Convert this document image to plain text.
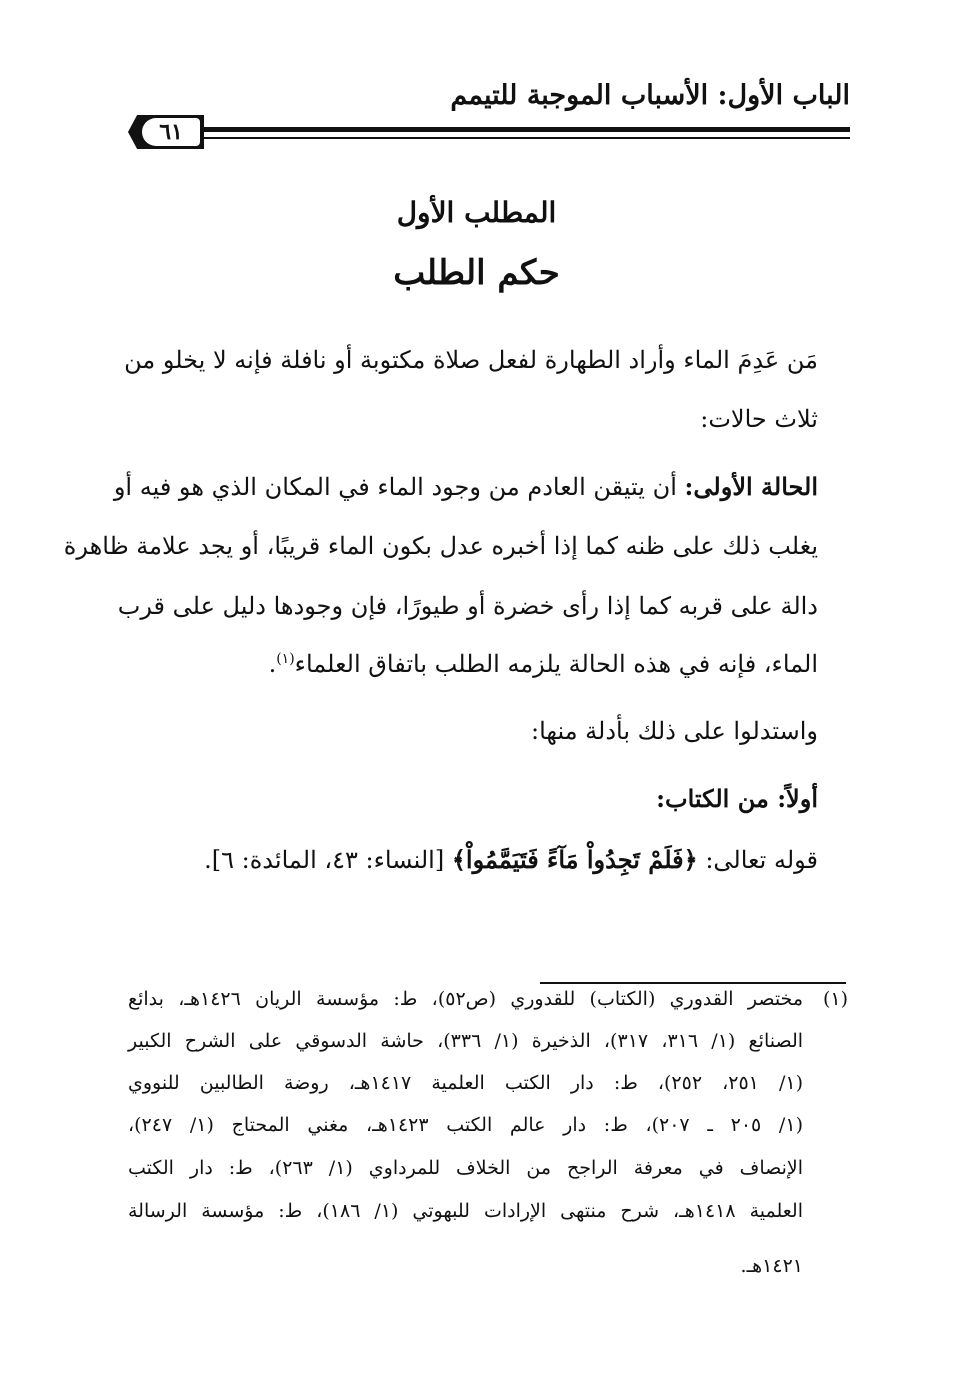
الباب الأول: الأسباب الموجبة للتيمم
٦١
المطلب الأول
حكم الطلب
مَن عَدِمَ الماء وأراد الطهارة لفعل صلاة مكتوبة أو نافلة فإنه لا يخلو من
ثلاث حالات:
الحالة الأولى: أن يتيقن العادم من وجود الماء في المكان الذي هو فيه أو
يغلب ذلك على ظنه كما إذا أخبره عدل بكون الماء قريبًا، أو يجد علامة ظاهرة
دالة على قربه كما إذا رأى خضرة أو طيورًا، فإن وجودها دليل على قرب
الماء، فإنه في هذه الحالة يلزمه الطلب باتفاق العلماء$^{(١)}$.
واستدلوا على ذلك بأدلة منها:
أولاً: من الكتاب:
قوله تعالى: ﴿فَلَمْ تَجِدُواْ مَآءً فَتَيَمَّمُواْ﴾ [النساء: ٤٣، المائدة: ٦].
(١)
مختصر القدوري (الكتاب) للقدوري (ص٥٢)، ط: مؤسسة الريان ١٤٢٦هـ، بدائع
الصنائع (١/ ٣١٦، ٣١٧)، الذخيرة (١/ ٣٣٦)، حاشة الدسوقي على الشرح الكبير
(١/ ٢٥١، ٢٥٢)، ط: دار الكتب العلمية ١٤١٧هـ، روضة الطالبين للنووي
(١/ ٢٠٥ ـ ٢٠٧)، ط: دار عالم الكتب ١٤٢٣هـ، مغني المحتاج (١/ ٢٤٧)،
الإنصاف في معرفة الراجح من الخلاف للمرداوي (١/ ٢٦٣)، ط: دار الكتب
العلمية ١٤١٨هـ، شرح منتهى الإرادات للبهوتي (١/ ١٨٦)، ط: مؤسسة الرسالة
١٤٢١هـ.
